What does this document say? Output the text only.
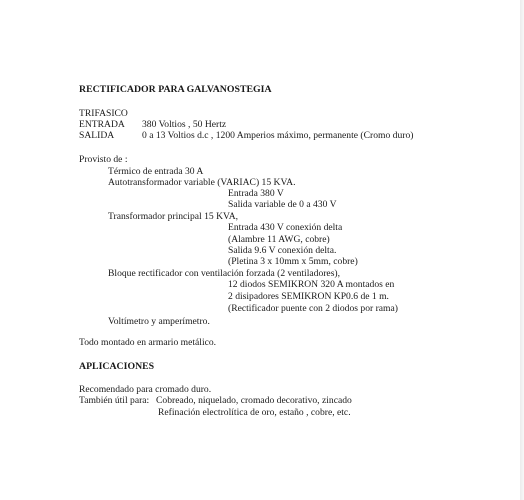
RECTIFICADOR PARA GALVANOSTEGIA
TRIFASICO
ENTRADA 380 Voltios , 50 Hertz
SALIDA	0 a 13 Voltios d.c , 1200 Amperios máximo, permanente (Cromo duro)
Provisto de :
Térmico de entrada 30 A
Autotransformador variable (VARIAC) 15 KVA.
Entrada 380 V
Salida variable de 0 a 430 V
Transformador principal 15 KVA,
Entrada 430 V conexión delta
(Alambre 11 AWG, cobre)
Salida 9.6 V conexión delta.
(Pletina 3 x 10mm x 5mm, cobre)
Bloque rectificador con ventilación forzada (2 ventiladores),
12 diodos SEMIKRON 320 A montados en
2 disipadores SEMIKRON KP0.6 de 1 m.
(Rectificador puente con 2 diodos por rama)
Voltímetro y amperímetro.
Todo montado en armario metálico.
APLICACIONES
Recomendado para cromado duro.
También útil para: Cobreado, niquelado, cromado decorativo, zincado
Refinación electrolítica de oro, estaño , cobre, etc.
